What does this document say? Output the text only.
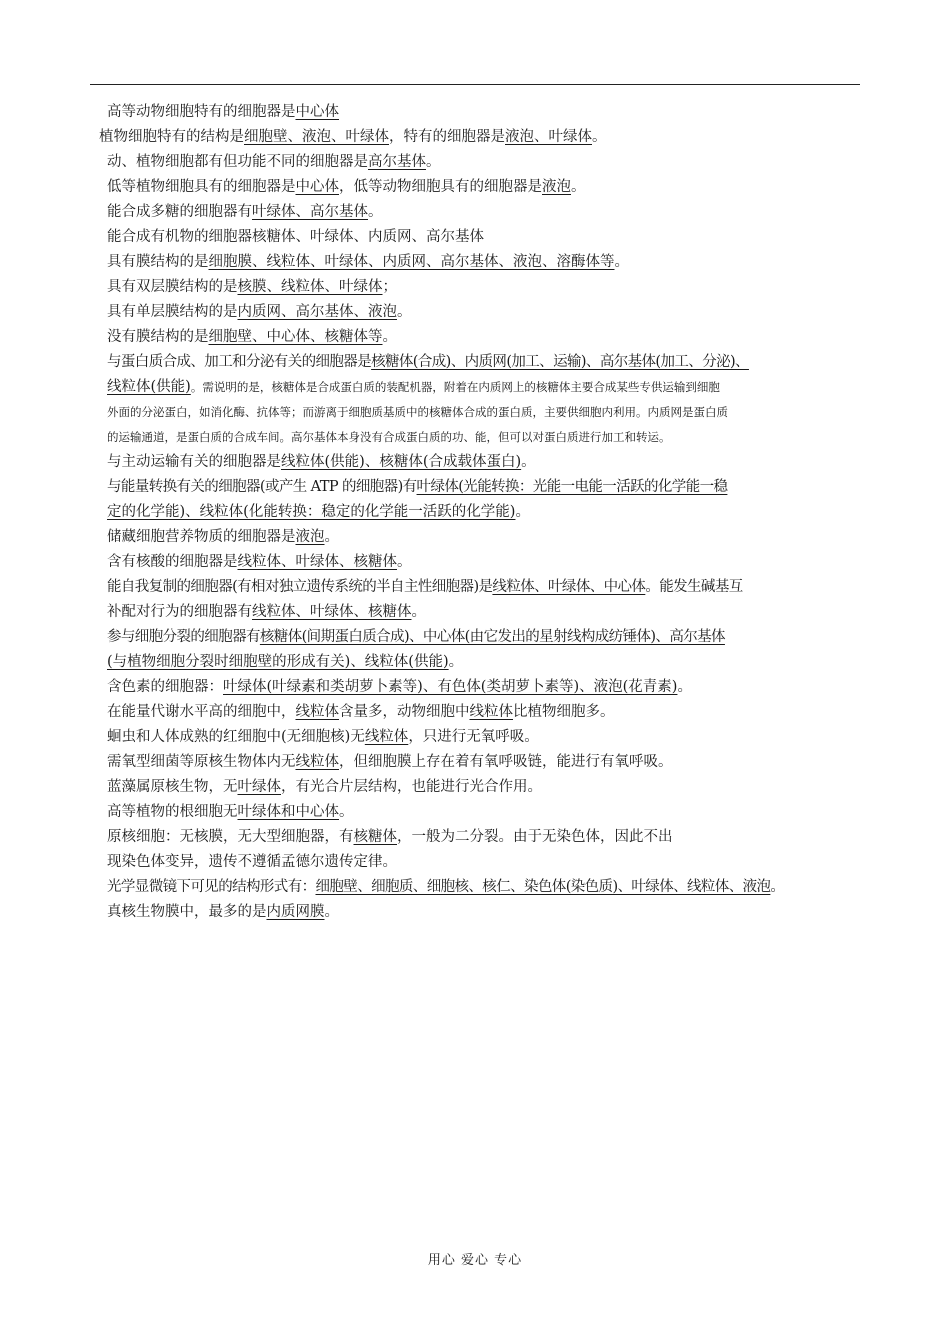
高等动物细胞特有的细胞器是中心体
植物细胞特有的结构是细胞壁、液泡、叶绿体，特有的细胞器是液泡、叶绿体。
动、植物细胞都有但功能不同的细胞器是高尔基体。
低等植物细胞具有的细胞器是中心体，低等动物细胞具有的细胞器是液泡。
能合成多糖的细胞器有叶绿体、高尔基体。
能合成有机物的细胞器核糖体、叶绿体、内质网、高尔基体
具有膜结构的是细胞膜、线粒体、叶绿体、内质网、高尔基体、液泡、溶酶体等。
具有双层膜结构的是核膜、线粒体、叶绿体；
具有单层膜结构的是内质网、高尔基体、液泡。
没有膜结构的是细胞壁、中心体、核糖体等。
与蛋白质合成、加工和分泌有关的细胞器是核糖体(合成)、内质网(加工、运输)、高尔基体(加工、分泌)、
线粒体(供能)。需说明的是，核糖体是合成蛋白质的装配机器，附着在内质网上的核糖体主要合成某些专供运输到细胞
外面的分泌蛋白，如消化酶、抗体等；而游离于细胞质基质中的核糖体合成的蛋白质，主要供细胞内利用。内质网是蛋白质
的运输通道，是蛋白质的合成车间。高尔基体本身没有合成蛋白质的功、能，但可以对蛋白质进行加工和转运。
与主动运输有关的细胞器是线粒体(供能)、核糖体(合成载体蛋白)。
与能量转换有关的细胞器(或产生 ATP 的细胞器)有叶绿体(光能转换：光能一电能一活跃的化学能一稳
定的化学能)、线粒体(化能转换：稳定的化学能一活跃的化学能)。
储藏细胞营养物质的细胞器是液泡。
含有核酸的细胞器是线粒体、叶绿体、核糖体。
能自我复制的细胞器(有相对独立遗传系统的半自主性细胞器)是线粒体、叶绿体、中心体。能发生碱基互
补配对行为的细胞器有线粒体、叶绿体、核糖体。
参与细胞分裂的细胞器有核糖体(间期蛋白质合成)、中心体(由它发出的星射线构成纺锤体)、高尔基体
(与植物细胞分裂时细胞壁的形成有关)、线粒体(供能)。
含色素的细胞器：叶绿体(叶绿素和类胡萝卜素等)、有色体(类胡萝卜素等)、液泡(花青素)。
在能量代谢水平高的细胞中，线粒体含量多，动物细胞中线粒体比植物细胞多。
蛔虫和人体成熟的红细胞中(无细胞核)无线粒体，只进行无氧呼吸。
需氧型细菌等原核生物体内无线粒体，但细胞膜上存在着有氧呼吸链，能进行有氧呼吸。
蓝藻属原核生物，无叶绿体，有光合片层结构，也能进行光合作用。
高等植物的根细胞无叶绿体和中心体。
原核细胞：无核膜，无大型细胞器，有核糖体，一般为二分裂。由于无染色体，因此不出
现染色体变异，遗传不遵循孟德尔遗传定律。
光学显微镜下可见的结构形式有：细胞壁、细胞质、细胞核、核仁、染色体(染色质)、叶绿体、线粒体、液泡。
真核生物膜中，最多的是内质网膜。
用心 爱心 专心
